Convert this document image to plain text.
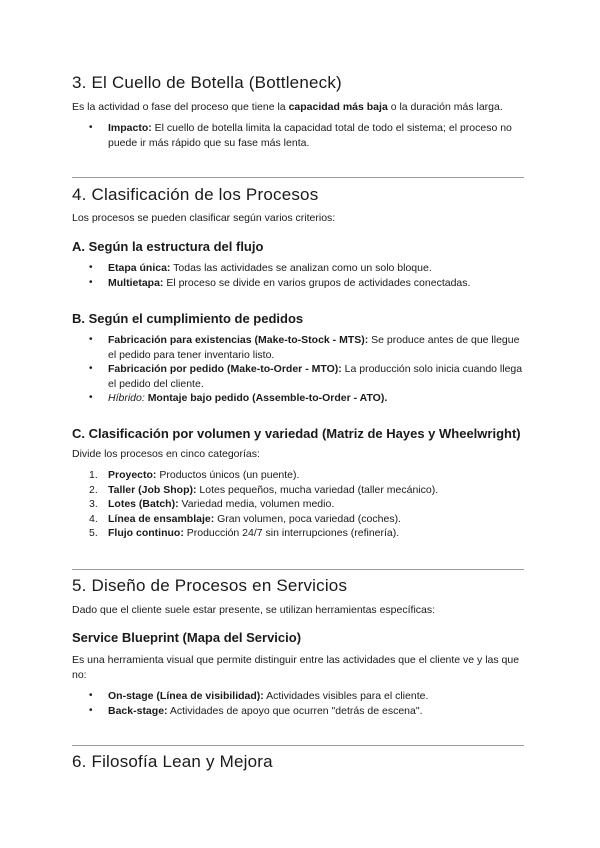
3. El Cuello de Botella (Bottleneck)

Es la actividad o fase del proceso que tiene la capacidad más baja o la duración más larga.

• Impacto: El cuello de botella limita la capacidad total de todo el sistema; el proceso no puede ir más rápido que su fase más lenta.
4. Clasificación de los Procesos

Los procesos se pueden clasificar según varios criterios:

A. Según la estructura del flujo
• Etapa única: Todas las actividades se analizan como un solo bloque.
• Multietapa: El proceso se divide en varios grupos de actividades conectadas.
B. Según el cumplimiento de pedidos
• Fabricación para existencias (Make-to-Stock - MTS): Se produce antes de que llegue el pedido para tener inventario listo.
• Fabricación por pedido (Make-to-Order - MTO): La producción solo inicia cuando llega el pedido del cliente.
• Híbrido: Montaje bajo pedido (Assemble-to-Order - ATO).
C. Clasificación por volumen y variedad (Matriz de Hayes y Wheelwright)

Divide los procesos en cinco categorías:

1. Proyecto: Productos únicos (un puente).
2. Taller (Job Shop): Lotes pequeños, mucha variedad (taller mecánico).
3. Lotes (Batch): Variedad media, volumen medio.
4. Línea de ensamblaje: Gran volumen, poca variedad (coches).
5. Flujo continuo: Producción 24/7 sin interrupciones (refinería).
5. Diseño de Procesos en Servicios

Dado que el cliente suele estar presente, se utilizan herramientas específicas:

Service Blueprint (Mapa del Servicio)

Es una herramienta visual que permite distinguir entre las actividades que el cliente ve y las que no:

• On-stage (Línea de visibilidad): Actividades visibles para el cliente.
• Back-stage: Actividades de apoyo que ocurren "detrás de escena".
6. Filosofía Lean y Mejora
